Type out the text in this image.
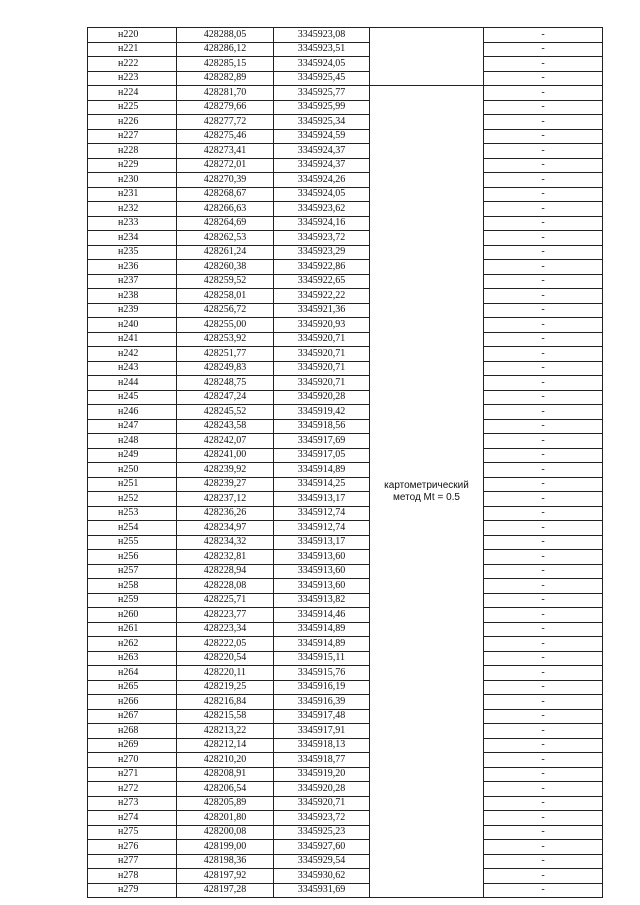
н220	428288,05	3345923,08		-
н221	428286,12	3345923,51		-
н222	428285,15	3345924,05		-
н223	428282,89	3345925,45		-
н224	428281,70	3345925,77	картометрический метод Mt = 0.5	-
н225	428279,66	3345925,99		-
н226	428277,72	3345925,34		-
н227	428275,46	3345924,59		-
н228	428273,41	3345924,37		-
н229	428272,01	3345924,37		-
н230	428270,39	3345924,26		-
н231	428268,67	3345924,05		-
н232	428266,63	3345923,62		-
н233	428264,69	3345924,16		-
н234	428262,53	3345923,72		-
н235	428261,24	3345923,29		-
н236	428260,38	3345922,86		-
н237	428259,52	3345922,65		-
н238	428258,01	3345922,22		-
н239	428256,72	3345921,36		-
н240	428255,00	3345920,93		-
н241	428253,92	3345920,71		-
н242	428251,77	3345920,71		-
н243	428249,83	3345920,71		-
н244	428248,75	3345920,71		-
н245	428247,24	3345920,28		-
н246	428245,52	3345919,42		-
н247	428243,58	3345918,56		-
н248	428242,07	3345917,69		-
н249	428241,00	3345917,05		-
н250	428239,92	3345914,89		-
н251	428239,27	3345914,25		-
н252	428237,12	3345913,17		-
н253	428236,26	3345912,74		-
н254	428234,97	3345912,74		-
н255	428234,32	3345913,17		-
н256	428232,81	3345913,60		-
н257	428228,94	3345913,60		-
н258	428228,08	3345913,60		-
н259	428225,71	3345913,82		-
н260	428223,77	3345914,46		-
н261	428223,34	3345914,89		-
н262	428222,05	3345914,89		-
н263	428220,54	3345915,11		-
н264	428220,11	3345915,76		-
н265	428219,25	3345916,19		-
н266	428216,84	3345916,39		-
н267	428215,58	3345917,48		-
н268	428213,22	3345917,91		-
н269	428212,14	3345918,13		-
н270	428210,20	3345918,77		-
н271	428208,91	3345919,20		-
н272	428206,54	3345920,28		-
н273	428205,89	3345920,71		-
н274	428201,80	3345923,72		-
н275	428200,08	3345925,23		-
н276	428199,00	3345927,60		-
н277	428198,36	3345929,54		-
н278	428197,92	3345930,62		-
н279	428197,28	3345931,69		-
